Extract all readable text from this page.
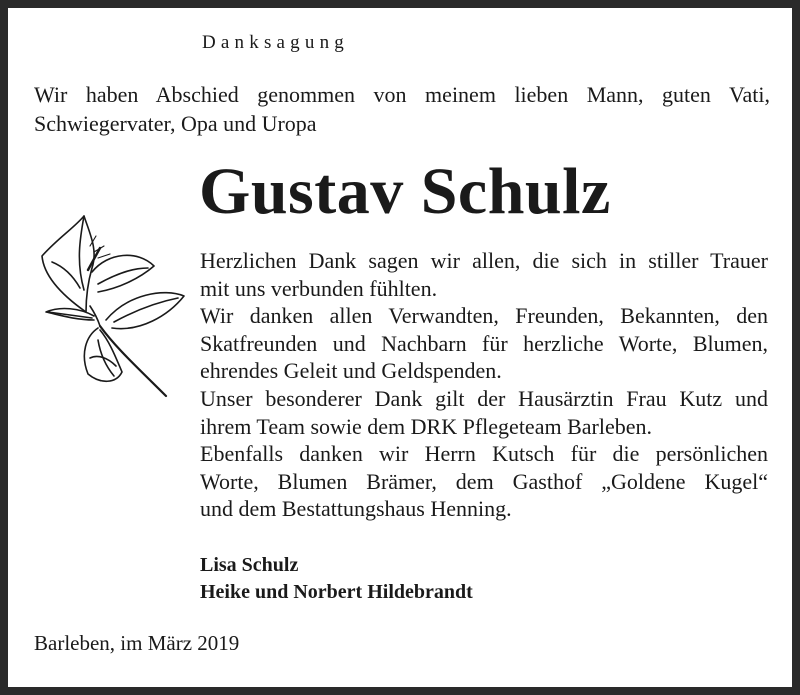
Danksagung
Wir haben Abschied genommen von meinem lieben Mann, guten Vati,
Schwiegervater, Opa und Uropa
Gustav Schulz
Herzlichen Dank sagen wir allen, die sich in stiller Trauer
mit uns verbunden fühlten.
Wir danken allen Verwandten, Freunden, Bekannten, den
Skatfreunden und Nachbarn für herzliche Worte, Blumen,
ehrendes Geleit und Geldspenden.
Unser besonderer Dank gilt der Hausärztin Frau Kutz und
ihrem Team sowie dem DRK Pflegeteam Barleben.
Ebenfalls danken wir Herrn Kutsch für die persönlichen
Worte, Blumen Brämer, dem Gasthof „Goldene Kugel“
und dem Bestattungshaus Henning.
Lisa Schulz
Heike und Norbert Hildebrandt
Barleben, im März 2019
